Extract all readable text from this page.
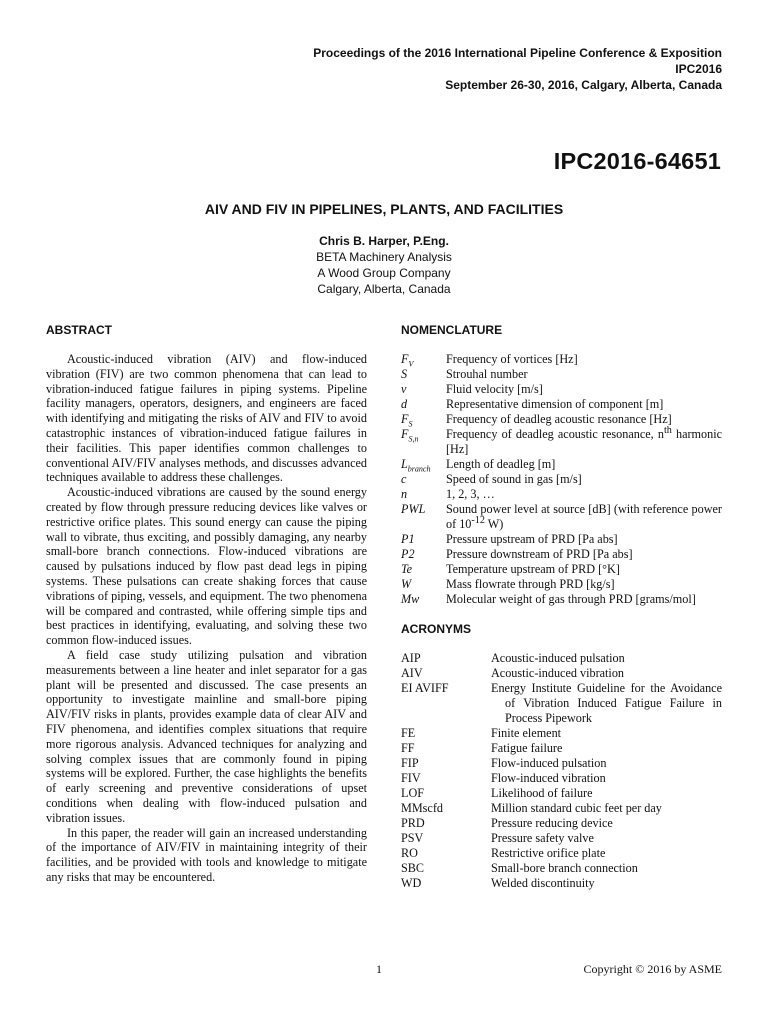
Proceedings of the 2016 International Pipeline Conference & Exposition
IPC2016
September 26-30, 2016, Calgary, Alberta, Canada
IPC2016-64651
AIV AND FIV IN PIPELINES, PLANTS, AND FACILITIES
Chris B. Harper, P.Eng.
BETA Machinery Analysis
A Wood Group Company
Calgary, Alberta, Canada
ABSTRACT

Acoustic-induced vibration (AIV) and flow-induced vibration (FIV) are two common phenomena that can lead to vibration-induced fatigue failures in piping systems. Pipeline facility managers, operators, designers, and engineers are faced with identifying and mitigating the risks of AIV and FIV to avoid catastrophic instances of vibration-induced fatigue failures in their facilities. This paper identifies common challenges to conventional AIV/FIV analyses methods, and discusses advanced techniques available to address these challenges.

Acoustic-induced vibrations are caused by the sound energy created by flow through pressure reducing devices like valves or restrictive orifice plates. This sound energy can cause the piping wall to vibrate, thus exciting, and possibly damaging, any nearby small-bore branch connections. Flow-induced vibrations are caused by pulsations induced by flow past dead legs in piping systems. These pulsations can create shaking forces that cause vibrations of piping, vessels, and equipment. The two phenomena will be compared and contrasted, while offering simple tips and best practices in identifying, evaluating, and solving these two common flow-induced issues.

A field case study utilizing pulsation and vibration measurements between a line heater and inlet separator for a gas plant will be presented and discussed. The case presents an opportunity to investigate mainline and small-bore piping AIV/FIV risks in plants, provides example data of clear AIV and FIV phenomena, and identifies complex situations that require more rigorous analysis. Advanced techniques for analyzing and solving complex issues that are commonly found in piping systems will be explored. Further, the case highlights the benefits of early screening and preventive considerations of upset conditions when dealing with flow-induced pulsation and vibration issues.

In this paper, the reader will gain an increased understanding of the importance of AIV/FIV in maintaining integrity of their facilities, and be provided with tools and knowledge to mitigate any risks that may be encountered.

NOMENCLATURE
$F_V$	Frequency of vortices [Hz]
S	Strouhal number
v	Fluid velocity [m/s]
d	Representative dimension of component [m]
$F_S$	Frequency of deadleg acoustic resonance [Hz]
$F_{S,n}$	Frequency of deadleg acoustic resonance, $n^{th}$ harmonic [Hz]
$L_{branch}$	Length of deadleg [m]
c	Speed of sound in gas [m/s]
n	1, 2, 3, …
PWL	Sound power level at source [dB] (with reference power of $10^{-12}$ W)
P1	Pressure upstream of PRD [Pa abs]
P2	Pressure downstream of PRD [Pa abs]
Te	Temperature upstream of PRD [°K]
W	Mass flowrate through PRD [kg/s]
Mw	Molecular weight of gas through PRD [grams/mol]
ACRONYMS
AIP	Acoustic-induced pulsation
AIV	Acoustic-induced vibration
EI AVIFF	Energy Institute Guideline for the Avoidance of Vibration Induced Fatigue Failure in Process Pipework
FE	Finite element
FF	Fatigue failure
FIP	Flow-induced pulsation
FIV	Flow-induced vibration
LOF	Likelihood of failure
MMscfd	Million standard cubic feet per day
PRD	Pressure reducing device
PSV	Pressure safety valve
RO	Restrictive orifice plate
SBC	Small-bore branch connection
WD	Welded discontinuity
1	Copyright © 2016 by ASME
